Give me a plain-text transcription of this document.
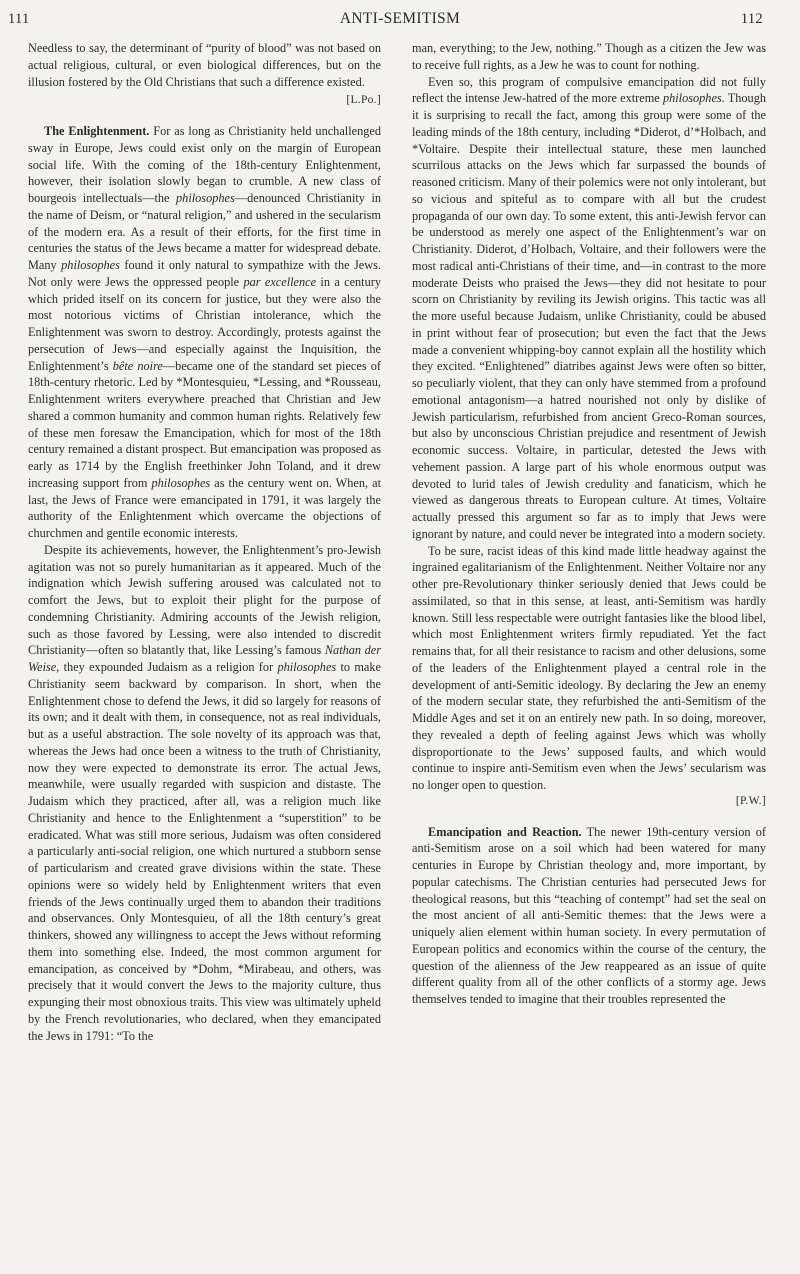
111	ANTI-SEMITISM	112

Needless to say, the determinant of “purity of blood” was not based on actual religious, cultural, or even biological differences, but on the illusion fostered by the Old Christians that such a difference existed.
[L.Po.]

The Enlightenment. For as long as Christianity held unchallenged sway in Europe, Jews could exist only on the margin of European social life. With the coming of the 18th-century Enlightenment, however, their isolation slowly began to crumble. A new class of bourgeois intellectuals—the philosophes—denounced Christianity in the name of Deism, or “natural religion,” and ushered in the secularism of the modern era. As a result of their efforts, for the first time in centuries the status of the Jews became a matter for widespread debate. Many philosophes found it only natural to sympathize with the Jews. Not only were Jews the oppressed people par excellence in a century which prided itself on its concern for justice, but they were also the most notorious victims of Christian intolerance, which the Enlightenment was sworn to destroy. Accordingly, protests against the persecution of Jews—and especially against the Inquisition, the Enlightenment’s bête noire—became one of the standard set pieces of 18th-century rhetoric. Led by *Montesquieu, *Lessing, and *Rousseau, Enlightenment writers everywhere preached that Christian and Jew shared a common humanity and common human rights. Relatively few of these men foresaw the Emancipation, which for most of the 18th century remained a distant prospect. But emancipation was proposed as early as 1714 by the English freethinker John Toland, and it drew increasing support from philosophes as the century went on. When, at last, the Jews of France were emancipated in 1791, it was largely the authority of the Enlightenment which overcame the objections of churchmen and gentile economic interests.

Despite its achievements, however, the Enlightenment’s pro-Jewish agitation was not so purely humanitarian as it appeared. Much of the indignation which Jewish suffering aroused was calculated not to comfort the Jews, but to exploit their plight for the purpose of condemning Christianity. Admiring accounts of the Jewish religion, such as those favored by Lessing, were also intended to discredit Christianity—often so blatantly that, like Lessing’s famous Nathan der Weise, they expounded Judaism as a religion for philosophes to make Christianity seem backward by comparison. In short, when the Enlightenment chose to defend the Jews, it did so largely for reasons of its own; and it dealt with them, in consequence, not as real individuals, but as a useful abstraction. The sole novelty of its approach was that, whereas the Jews had once been a witness to the truth of Christianity, now they were expected to demonstrate its error. The actual Jews, meanwhile, were usually regarded with suspicion and distaste. The Judaism which they practiced, after all, was a religion much like Christianity and hence to the Enlightenment a “superstition” to be eradicated. What was still more serious, Judaism was often considered a particularly anti-social religion, one which nurtured a stubborn sense of particularism and created grave divisions within the state. These opinions were so widely held by Enlightenment writers that even friends of the Jews continually urged them to abandon their traditions and observances. Only Montesquieu, of all the 18th century’s great thinkers, showed any willingness to accept the Jews without reforming them into something else. Indeed, the most common argument for emancipation, as conceived by *Dohm, *Mirabeau, and others, was precisely that it would convert the Jews to the majority culture, thus expunging their most obnoxious traits. This view was ultimately upheld by the French revolutionaries, who declared, when they emancipated the Jews in 1791: “To the

man, everything; to the Jew, nothing.” Though as a citizen the Jew was to receive full rights, as a Jew he was to count for nothing.

Even so, this program of compulsive emancipation did not fully reflect the intense Jew-hatred of the more extreme philosophes. Though it is surprising to recall the fact, among this group were some of the leading minds of the 18th century, including *Diderot, d’*Holbach, and *Voltaire. Despite their intellectual stature, these men launched scurrilous attacks on the Jews which far surpassed the bounds of reasoned criticism. Many of their polemics were not only intolerant, but so vicious and spiteful as to compare with all but the crudest propaganda of our own day. To some extent, this anti-Jewish fervor can be understood as merely one aspect of the Enlightenment’s war on Christianity. Diderot, d’Holbach, Voltaire, and their followers were the most radical anti-Christians of their time, and—in contrast to the more moderate Deists who praised the Jews—they did not hesitate to pour scorn on Christianity by reviling its Jewish origins. This tactic was all the more useful because Judaism, unlike Christianity, could be abused in print without fear of prosecution; but even the fact that the Jews made a convenient whipping-boy cannot explain all the hostility which they excited. “Enlightened” diatribes against Jews were often so bitter, so peculiarly violent, that they can only have stemmed from a profound emotional antagonism—a hatred nourished not only by dislike of Jewish particularism, refurbished from ancient Greco-Roman sources, but also by unconscious Christian prejudice and resentment of Jewish economic success. Voltaire, in particular, detested the Jews with vehement passion. A large part of his whole enormous output was devoted to lurid tales of Jewish credulity and fanaticism, which he viewed as dangerous threats to European culture. At times, Voltaire actually pressed this argument so far as to imply that Jews were ignorant by nature, and could never be integrated into a modern society.

To be sure, racist ideas of this kind made little headway against the ingrained egalitarianism of the Enlightenment. Neither Voltaire nor any other pre-Revolutionary thinker seriously denied that Jews could be assimilated, so that in this sense, at least, anti-Semitism was hardly known. Still less respectable were outright fantasies like the blood libel, which most Enlightenment writers firmly repudiated. Yet the fact remains that, for all their resistance to racism and other delusions, some of the leaders of the Enlightenment played a central role in the development of anti-Semitic ideology. By declaring the Jew an enemy of the modern secular state, they refurbished the anti-Semitism of the Middle Ages and set it on an entirely new path. In so doing, moreover, they revealed a depth of feeling against Jews which was wholly disproportionate to the Jews’ supposed faults, and which would continue to inspire anti-Semitism even when the Jews’ secularism was no longer open to question.
[P.W.]

Emancipation and Reaction. The newer 19th-century version of anti-Semitism arose on a soil which had been watered for many centuries in Europe by Christian theology and, more important, by popular catechisms. The Christian centuries had persecuted Jews for theological reasons, but this “teaching of contempt” had set the seal on the most ancient of all anti-Semitic themes: that the Jews were a uniquely alien element within human society. In every permutation of European politics and economics within the course of the century, the question of the alienness of the Jew reappeared as an issue of quite different quality from all of the other conflicts of a stormy age. Jews themselves tended to imagine that their troubles represented the
